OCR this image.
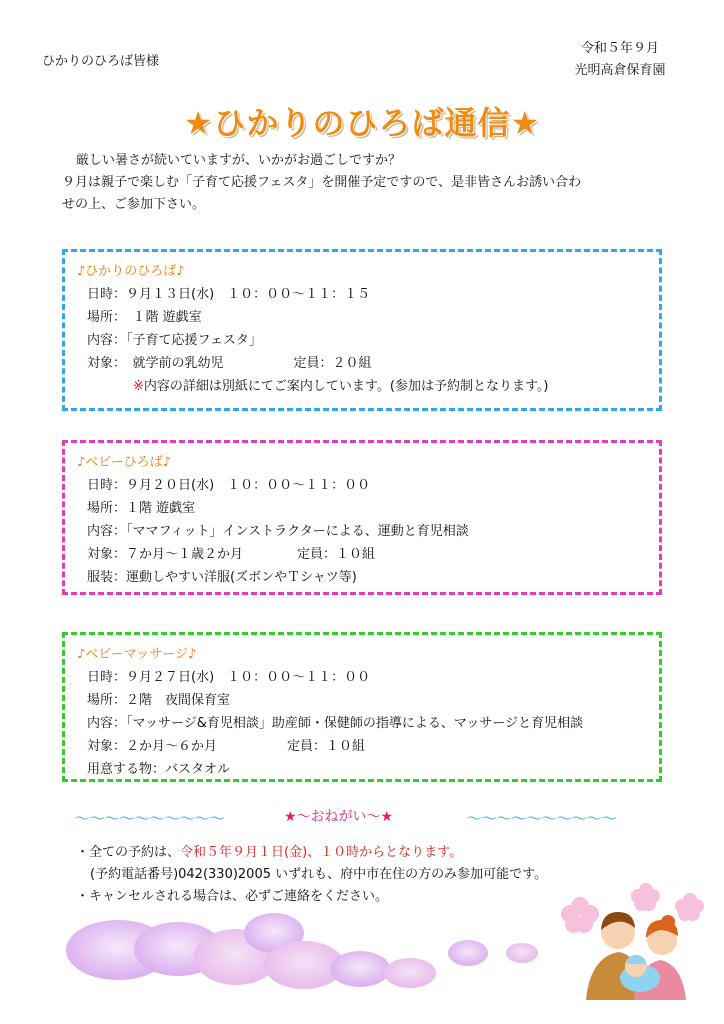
ひかりのひろば皆様
令和５年９月
光明高倉保育園
★ひかりのひろば通信★
厳しい暑さが続いていますが、いかがお過ごしですか？
９月は親子で楽しむ「子育て応援フェスタ」を開催予定ですので、是非皆さんお誘い合わ
せの上、ご参加下さい。
♪ひかりのひろば♪
日時：９月１３日(水)　１０：００～１１：１５
場所：　１階 遊戯室
内容：「子育て応援フェスタ」
対象：　就学前の乳幼児	定員：２０組
※内容の詳細は別紙にてご案内しています。(参加は予約制となります。)
♪ベビーひろば♪
日時：９月２０日(水)　１０：００～１１：００
場所：１階 遊戯室
内容：「ママフィット」インストラクターによる、運動と育児相談
対象：７か月～１歳２か月	定員：１０組
服装：運動しやすい洋服(ズボンやＴシャツ等)
♪ベビーマッサージ♪
日時：９月２７日(水)　１０：００～１１：００
場所：２階　夜間保育室
内容：「マッサージ&育児相談」助産師・保健師の指導による、マッサージと育児相談
対象：２か月～６か月	定員：１０組
用意する物：バスタオル
～～～～～～～～～～	★～おねがい～★	～～～～～～～～～～
・全ての予約は、令和５年９月１日(金)、１０時からとなります。
(予約電話番号)042(330)2005 いずれも、府中市在住の方のみ参加可能です。
・キャンセルされる場合は、必ずご連絡をください。
